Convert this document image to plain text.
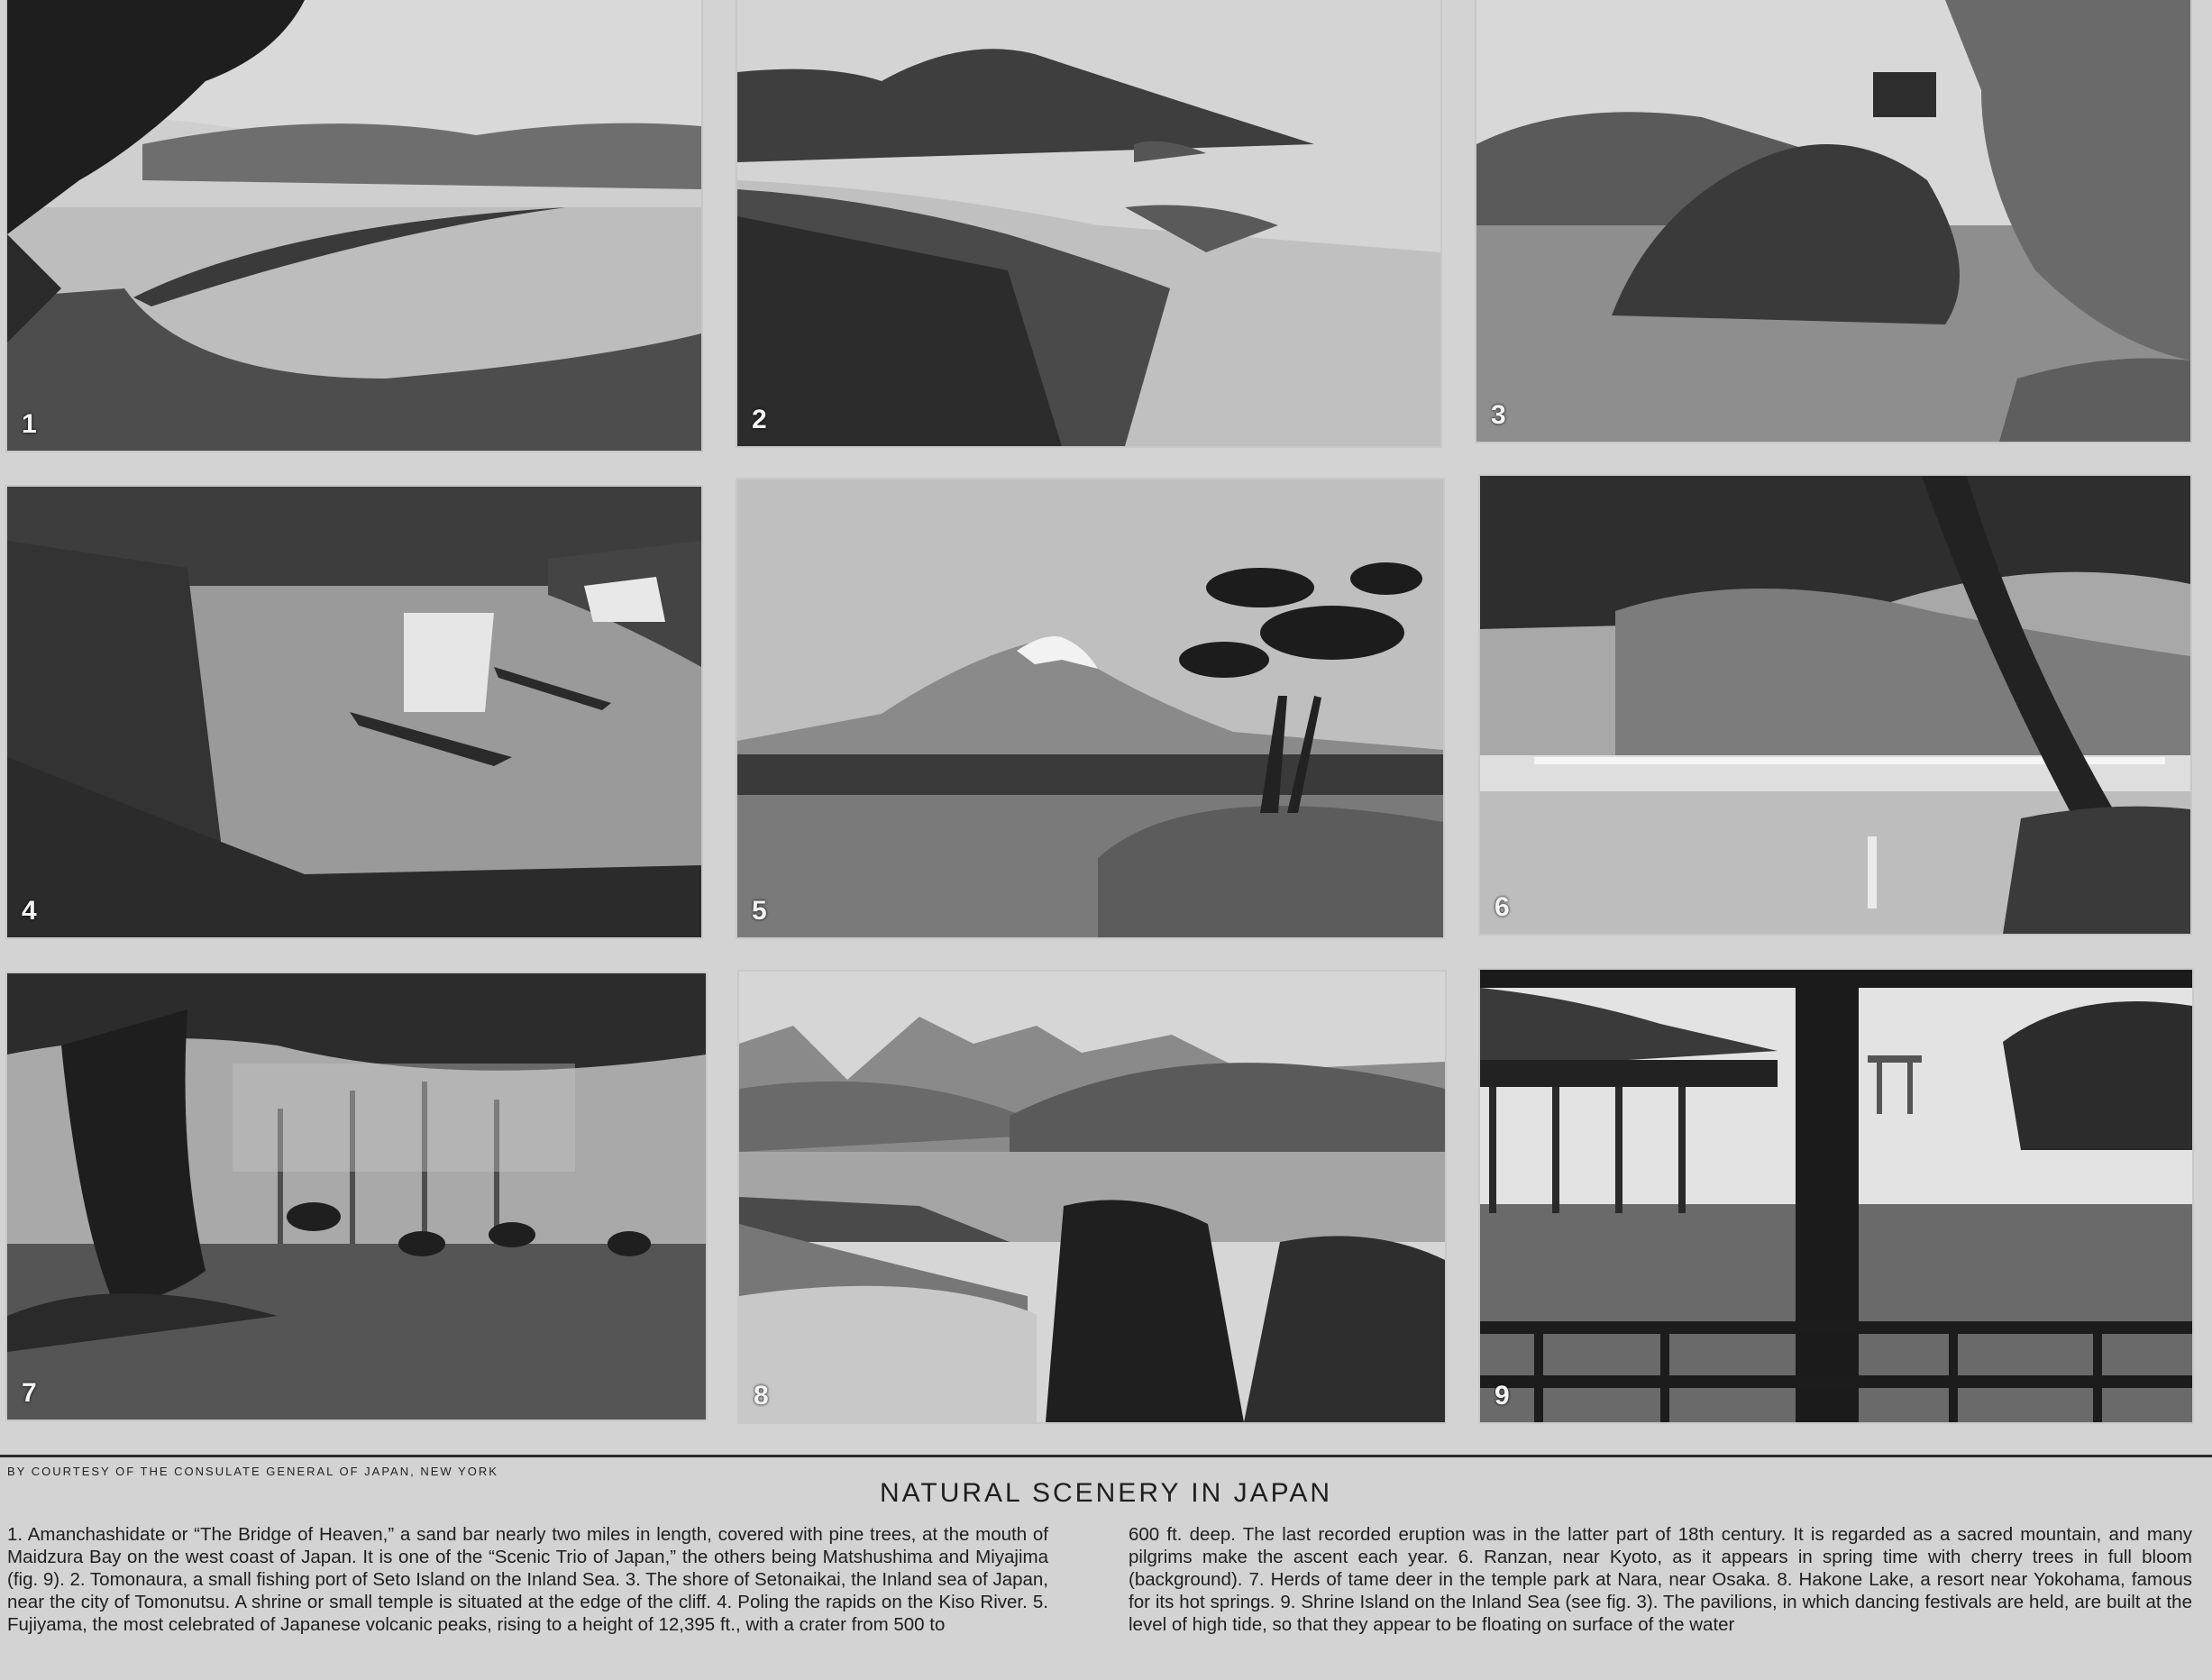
1	2	3
4	5	6
7	8	9
BY COURTESY OF THE CONSULATE GENERAL OF JAPAN, NEW YORK
NATURAL SCENERY IN JAPAN
1. Amanchashidate or “The Bridge of Heaven,” a sand bar nearly two miles in length, covered with pine trees, at the mouth of Maidzura Bay on the west coast of Japan. It is one of the “Scenic Trio of Japan,” the others being Matshushima and Miyajima (fig. 9). 2. Tomonaura, a small fishing port of Seto Island on the Inland Sea. 3. The shore of Setonaikai, the Inland sea of Japan, near the city of Tomonutsu. A shrine or small temple is situated at the edge of the cliff. 4. Poling the rapids on the Kiso River. 5. Fujiyama, the most celebrated of Japanese volcanic peaks, rising to a height of 12,395 ft., with a crater from 500 to
600 ft. deep. The last recorded eruption was in the latter part of 18th century. It is regarded as a sacred mountain, and many pilgrims make the ascent each year. 6. Ranzan, near Kyoto, as it appears in spring time with cherry trees in full bloom (background). 7. Herds of tame deer in the temple park at Nara, near Osaka. 8. Hakone Lake, a resort near Yokohama, famous for its hot springs. 9. Shrine Island on the Inland Sea (see fig. 3). The pavilions, in which dancing festivals are held, are built at the level of high tide, so that they appear to be floating on surface of the water
